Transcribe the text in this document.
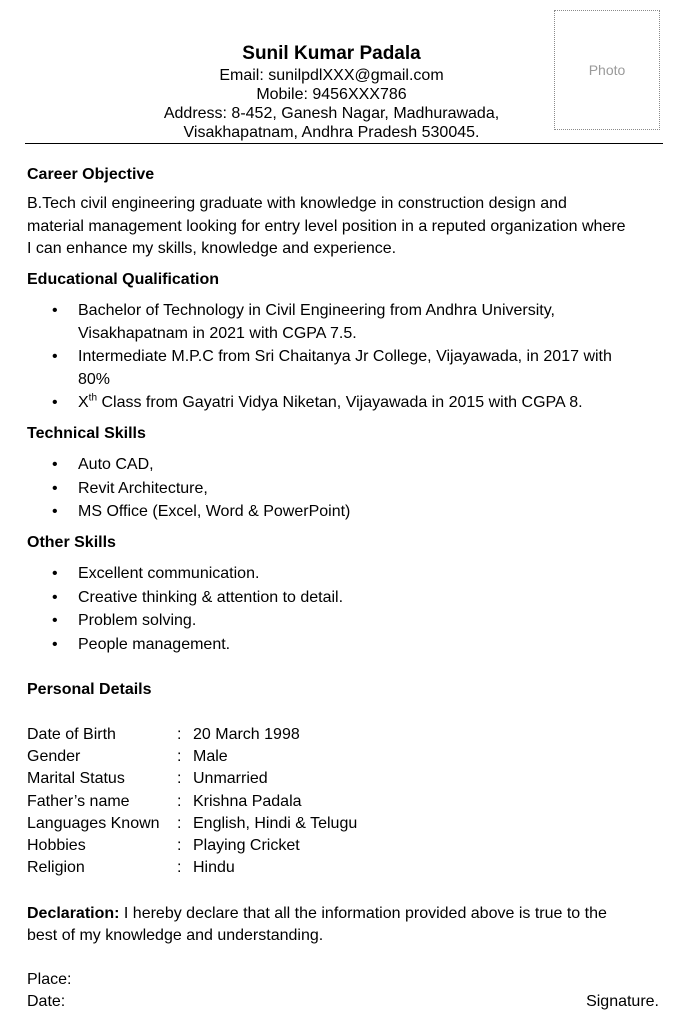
Sunil Kumar Padala
Email: sunilpdlXXX@gmail.com
Mobile: 9456XXX786
Address: 8-452, Ganesh Nagar, Madhurawada,
Visakhapatnam, Andhra Pradesh 530045.
Photo
Career Objective
B.Tech civil engineering graduate with knowledge in construction design and
material management looking for entry level position in a reputed organization where
I can enhance my skills, knowledge and experience.
Educational Qualification
• Bachelor of Technology in Civil Engineering from Andhra University,
Visakhapatnam in 2021 with CGPA 7.5.
• Intermediate M.P.C from Sri Chaitanya Jr College, Vijayawada, in 2017 with
80%
• Xth Class from Gayatri Vidya Niketan, Vijayawada in 2015 with CGPA 8.
Technical Skills
• Auto CAD,
• Revit Architecture,
• MS Office (Excel, Word & PowerPoint)
Other Skills
• Excellent communication.
• Creative thinking & attention to detail.
• Problem solving.
• People management.
Personal Details
Date of Birth	: 20 March 1998
Gender	: Male
Marital Status	: Unmarried
Father’s name	: Krishna Padala
Languages Known : English, Hindi & Telugu
Hobbies	: Playing Cricket
Religion	: Hindu
Declaration: I hereby declare that all the information provided above is true to the
best of my knowledge and understanding.
Place:
Date:	Signature.
